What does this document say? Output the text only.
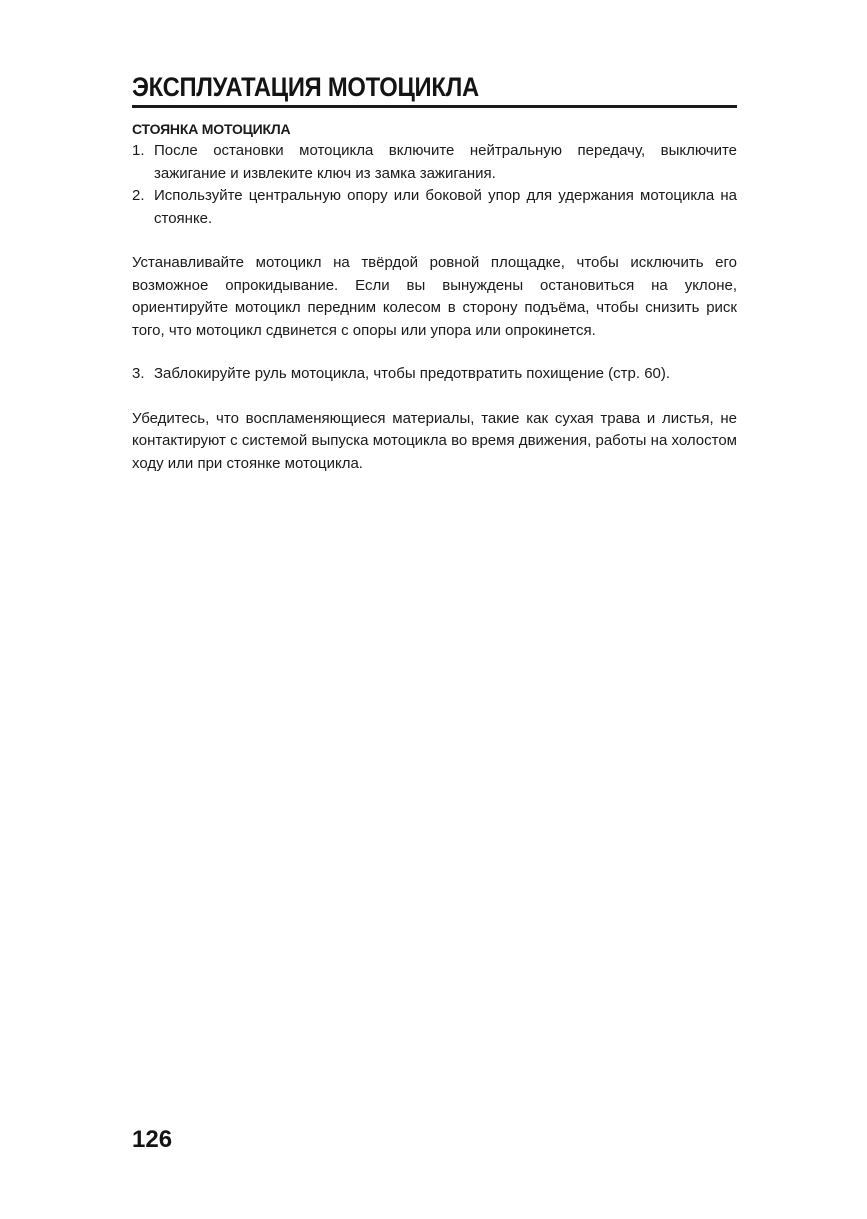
ЭКСПЛУАТАЦИЯ МОТОЦИКЛА
СТОЯНКА МОТОЦИКЛА
1. После остановки мотоцикла включите нейтральную передачу, выключите зажигание и извлеките ключ из замка зажигания.
2. Используйте центральную опору или боковой упор для удержания мотоцикла на стоянке.

Устанавливайте мотоцикл на твёрдой ровной площадке, чтобы исключить его возможное опрокидывание. Если вы вынуждены остановиться на уклоне, ориентируйте мотоцикл передним колесом в сторону подъёма, чтобы снизить риск того, что мотоцикл сдвинется с опоры или упора или опрокинется.

3. Заблокируйте руль мотоцикла, чтобы предотвратить похищение (стр. 60).

Убедитесь, что воспламеняющиеся материалы, такие как сухая трава и листья, не контактируют с системой выпуска мотоцикла во время движения, работы на холостом ходу или при стоянке мотоцикла.

126
